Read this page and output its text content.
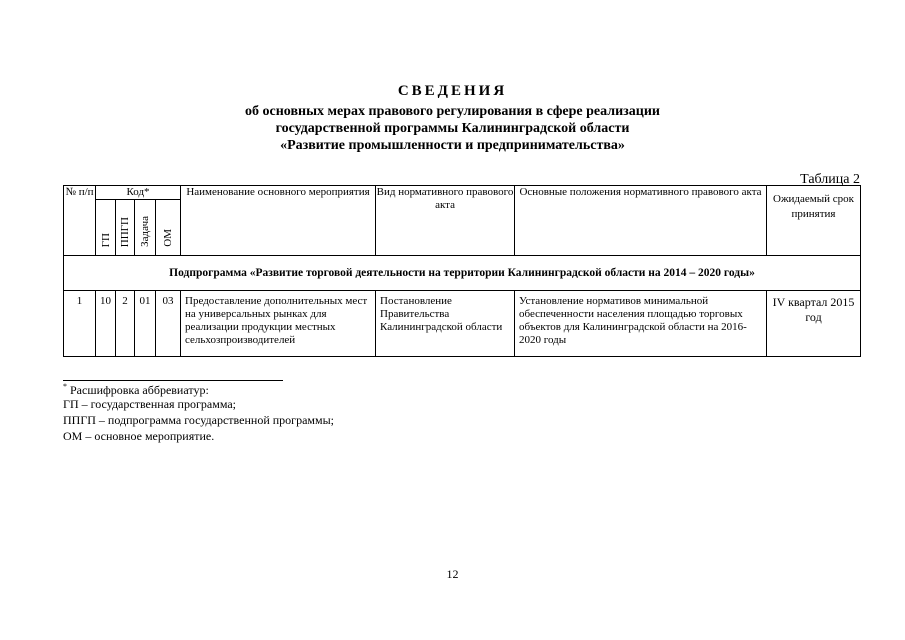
СВЕДЕНИЯ
об основных мерах правового регулирования в сфере реализации
государственной программы Калининградской области
«Развитие промышленности и предпринимательства»
Таблица 2
№ п/п	Код*				Наименование основного мероприятия	Вид нормативного правового акта	Основные положения нормативного правового акта	Ожидаемый срок принятия
	ГП	ППГП	Задача	ОМ				
Подпрограмма «Развитие торговой деятельности на территории Калининградской области на 2014 – 2020 годы»								
1	10	2	01	03	Предоставление дополнительных мест на универсальных рынках для реализации продукции местных сельхозпроизводителей	Постановление Правительства Калининградской области	Установление нормативов минимальной обеспеченности населения площадью торговых объектов для Калининградской области на 2016-2020 годы	IV квартал 2015 год
* Расшифровка аббревиатур:
ГП – государственная программа;
ППГП – подпрограмма государственной программы;
ОМ – основное мероприятие.
12
